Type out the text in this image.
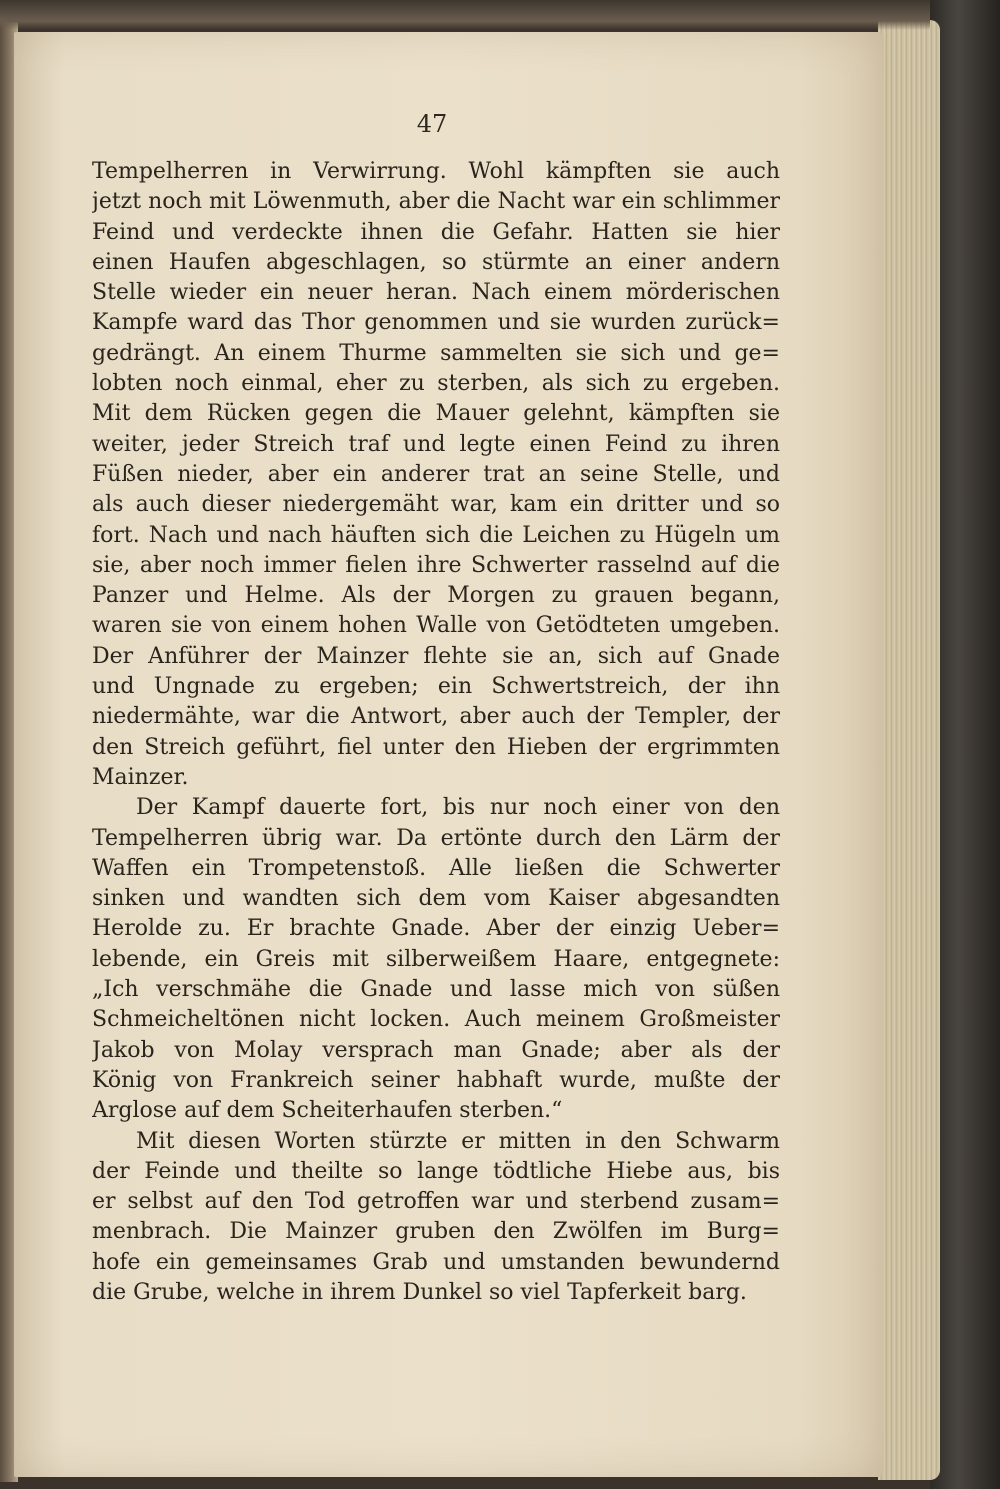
47
Tempelherren in Verwirrung. Wohl kämpften sie auch
jetzt noch mit Löwenmuth, aber die Nacht war ein schlimmer
Feind und verdeckte ihnen die Gefahr. Hatten sie hier
einen Haufen abgeschlagen, so stürmte an einer andern
Stelle wieder ein neuer heran. Nach einem mörderischen
Kampfe ward das Thor genommen und sie wurden zurück=
gedrängt. An einem Thurme sammelten sie sich und ge=
lobten noch einmal, eher zu sterben, als sich zu ergeben.
Mit dem Rücken gegen die Mauer gelehnt, kämpften sie
weiter, jeder Streich traf und legte einen Feind zu ihren
Füßen nieder, aber ein anderer trat an seine Stelle, und
als auch dieser niedergemäht war, kam ein dritter und so
fort. Nach und nach häuften sich die Leichen zu Hügeln um
sie, aber noch immer fielen ihre Schwerter rasselnd auf die
Panzer und Helme. Als der Morgen zu grauen begann,
waren sie von einem hohen Walle von Getödteten umgeben.
Der Anführer der Mainzer flehte sie an, sich auf Gnade
und Ungnade zu ergeben; ein Schwertstreich, der ihn
niedermähte, war die Antwort, aber auch der Templer, der
den Streich geführt, fiel unter den Hieben der ergrimmten
Mainzer.
Der Kampf dauerte fort, bis nur noch einer von den
Tempelherren übrig war. Da ertönte durch den Lärm der
Waffen ein Trompetenstoß. Alle ließen die Schwerter
sinken und wandten sich dem vom Kaiser abgesandten
Herolde zu. Er brachte Gnade. Aber der einzig Ueber=
lebende, ein Greis mit silberweißem Haare, entgegnete:
„Ich verschmähe die Gnade und lasse mich von süßen
Schmeicheltönen nicht locken. Auch meinem Großmeister
Jakob von Molay versprach man Gnade; aber als der
König von Frankreich seiner habhaft wurde, mußte der
Arglose auf dem Scheiterhaufen sterben.“
Mit diesen Worten stürzte er mitten in den Schwarm
der Feinde und theilte so lange tödtliche Hiebe aus, bis
er selbst auf den Tod getroffen war und sterbend zusam=
menbrach. Die Mainzer gruben den Zwölfen im Burg=
hofe ein gemeinsames Grab und umstanden bewundernd
die Grube, welche in ihrem Dunkel so viel Tapferkeit barg.
